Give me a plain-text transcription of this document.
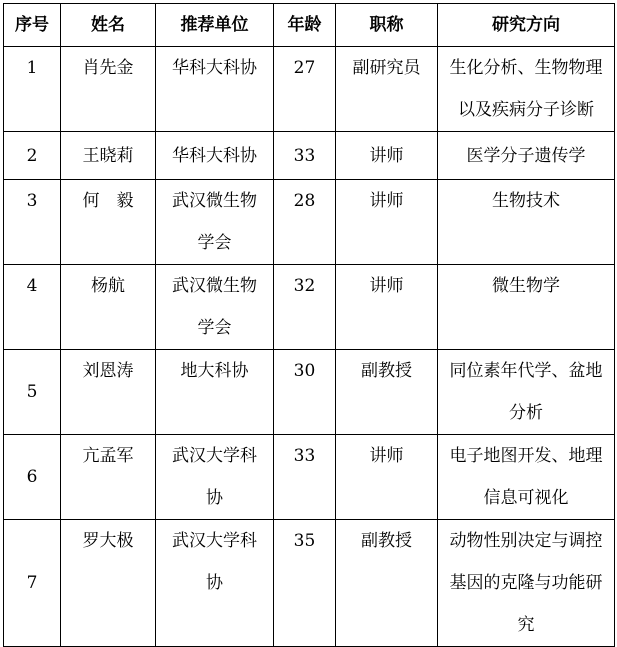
序号	姓名	推荐单位	年龄	职称	研究方向
1	肖先金	华科大科协	27	副研究员	生化分析、生物物理以及疾病分子诊断
2	王晓莉	华科大科协	33	讲师	医学分子遗传学
3	何　毅	武汉微生物学会	28	讲师	生物技术
4	杨航	武汉微生物学会	32	讲师	微生物学
5	刘恩涛	地大科协	30	副教授	同位素年代学、盆地分析
6	亢孟军	武汉大学科协	33	讲师	电子地图开发、地理信息可视化
7	罗大极	武汉大学科协	35	副教授	动物性别决定与调控基因的克隆与功能研究
